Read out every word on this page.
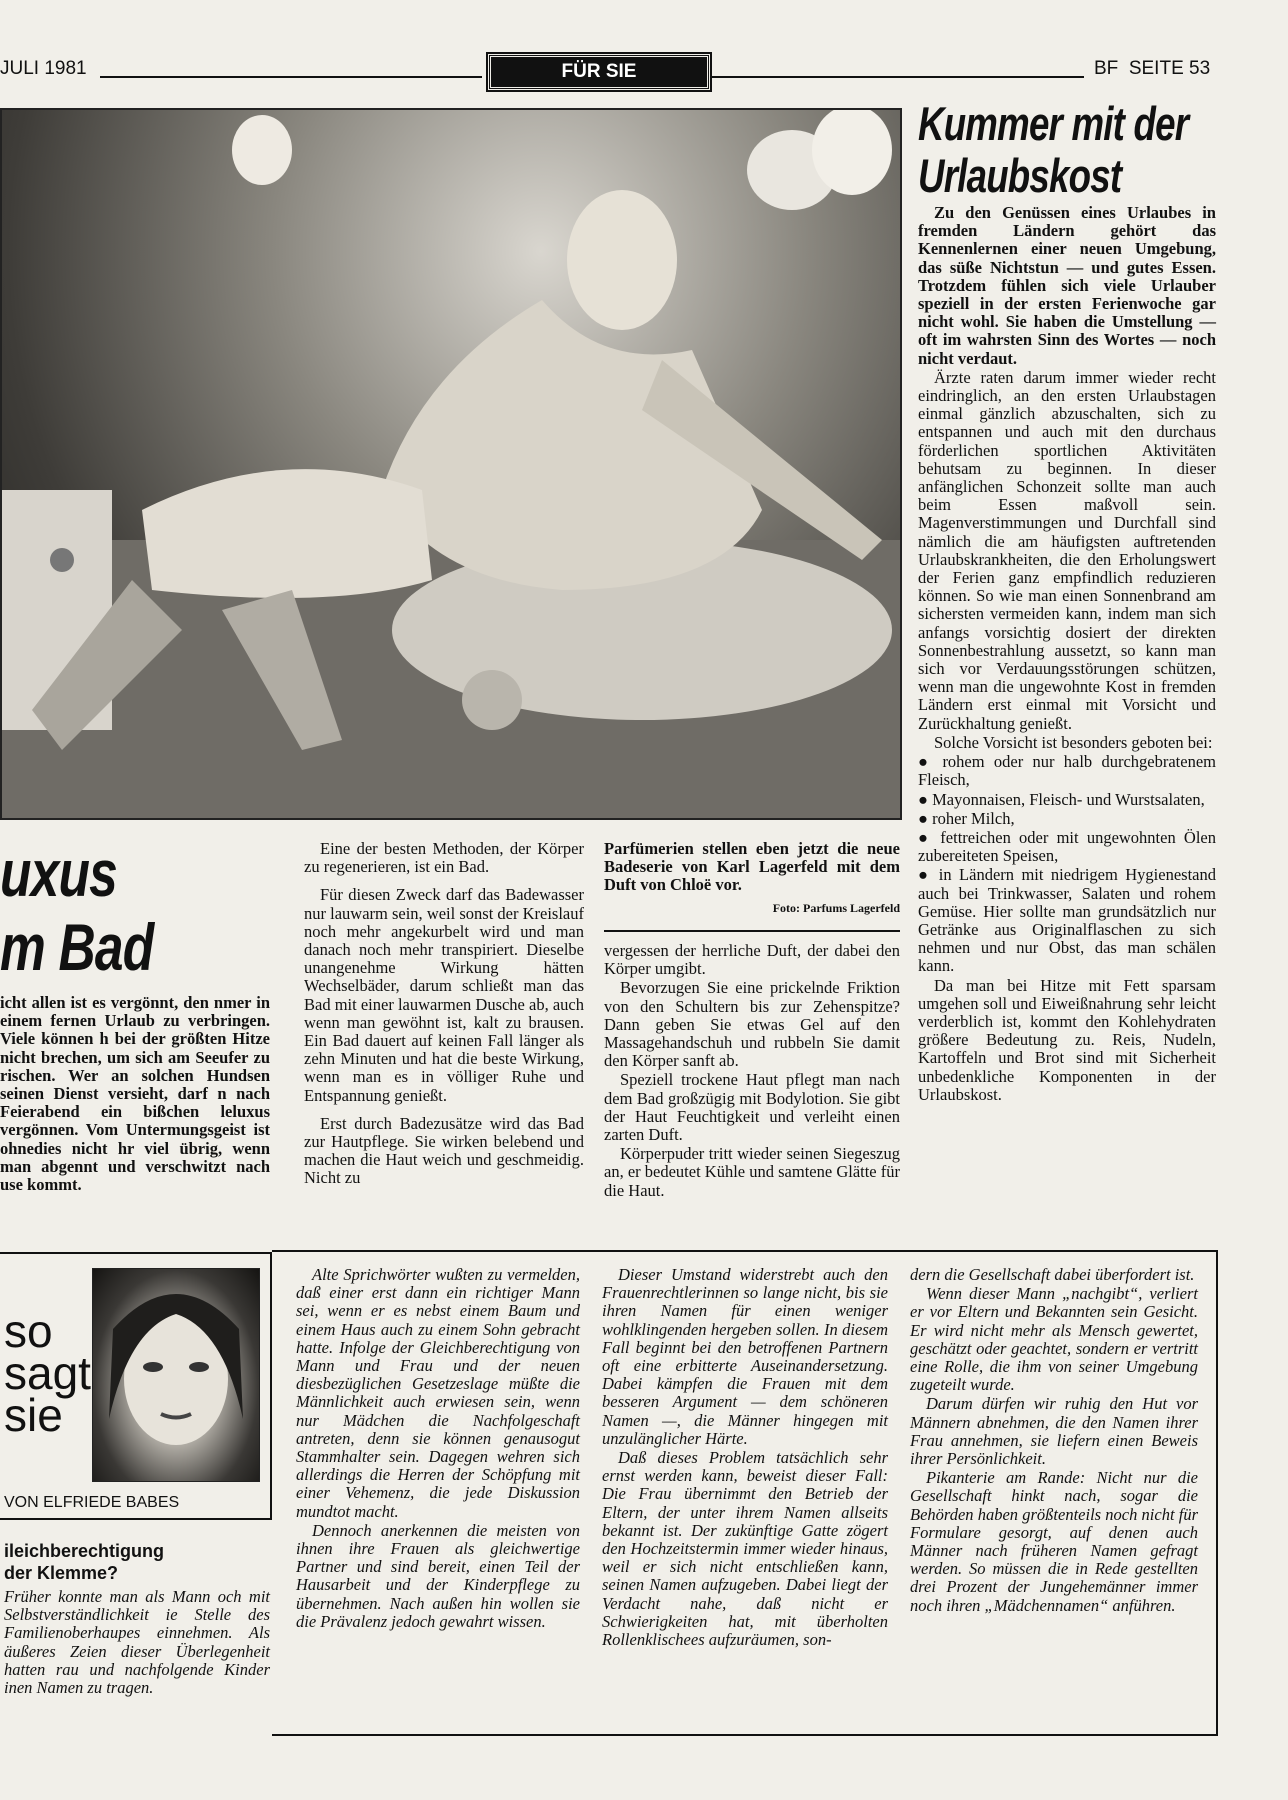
JULI 1981	FÜR SIE	BF  SEITE 53
Kummer mit der
Urlaubskost

Zu den Genüssen eines Urlaubes in fremden Ländern gehört das Kennenlernen einer neuen Umgebung, das süße Nichtstun — und gutes Essen. Trotzdem fühlen sich viele Urlauber speziell in der ersten Ferienwoche gar nicht wohl. Sie haben die Umstellung — oft im wahrsten Sinn des Wortes — noch nicht verdaut.

Ärzte raten darum immer wieder recht eindringlich, an den ersten Urlaubstagen einmal gänzlich abzuschalten, sich zu entspannen und auch mit den durchaus förderlichen sportlichen Aktivitäten behutsam zu beginnen. In dieser anfänglichen Schonzeit sollte man auch beim Essen maßvoll sein. Magenverstimmungen und Durchfall sind nämlich die am häufigsten auftretenden Urlaubskrankheiten, die den Erholungswert der Ferien ganz empfindlich reduzieren können. So wie man einen Sonnenbrand am sichersten vermeiden kann, indem man sich anfangs vorsichtig dosiert der direkten Sonnenbestrahlung aussetzt, so kann man sich vor Verdauungsstörungen schützen, wenn man die ungewohnte Kost in fremden Ländern erst einmal mit Vorsicht und Zurückhaltung genießt.

Solche Vorsicht ist besonders geboten bei:

● rohem oder nur halb durchgebratenem Fleisch,

● Mayonnaisen, Fleisch- und Wurstsalaten,

● roher Milch,

● fettreichen oder mit ungewohnten Ölen zubereiteten Speisen,

● in Ländern mit niedrigem Hygienestand auch bei Trinkwasser, Salaten und rohem Gemüse. Hier sollte man grundsätzlich nur Getränke aus Originalflaschen zu sich nehmen und nur Obst, das man schälen kann.

Da man bei Hitze mit Fett sparsam umgehen soll und Eiweißnahrung sehr leicht verderblich ist, kommt den Kohlehydraten größere Bedeutung zu. Reis, Nudeln, Kartoffeln und Brot sind mit Sicherheit unbedenkliche Komponenten in der Urlaubskost.

uxus
m Bad
icht allen ist es vergönnt, den nmer in einem fernen Urlaub zu verbringen. Viele können h bei der größten Hitze nicht brechen, um sich am Seeufer zu rischen. Wer an solchen Hundsen seinen Dienst versieht, darf n nach Feierabend ein bißchen leluxus vergönnen. Vom Untermungsgeist ist ohnedies nicht hr viel übrig, wenn man abgennt und verschwitzt nach use kommt.

Eine der besten Methoden, der Körper zu regenerieren, ist ein Bad.

Für diesen Zweck darf das Badewasser nur lauwarm sein, weil sonst der Kreislauf noch mehr angekurbelt wird und man danach noch mehr transpiriert. Dieselbe unangenehme Wirkung hätten Wechselbäder, darum schließt man das Bad mit einer lauwarmen Dusche ab, auch wenn man gewöhnt ist, kalt zu brausen. Ein Bad dauert auf keinen Fall länger als zehn Minuten und hat die beste Wirkung, wenn man es in völliger Ruhe und Entspannung genießt.

Erst durch Badezusätze wird das Bad zur Hautpflege. Sie wirken belebend und machen die Haut weich und geschmeidig. Nicht zu

Parfümerien stellen eben jetzt die neue Badeserie von Karl Lagerfeld mit dem Duft von Chloë vor.
Foto: Parfums Lagerfeld

vergessen der herrliche Duft, der dabei den Körper umgibt.

Bevorzugen Sie eine prickelnde Friktion von den Schultern bis zur Zehenspitze? Dann geben Sie etwas Gel auf den Massagehandschuh und rubbeln Sie damit den Körper sanft ab.

Speziell trockene Haut pflegt man nach dem Bad großzügig mit Bodylotion. Sie gibt der Haut Feuchtigkeit und verleiht einen zarten Duft.

Körperpuder tritt wieder seinen Siegeszug an, er bedeutet Kühle und samtene Glätte für die Haut.

so
sagt
sie
VON ELFRIEDE BABES
ileichberechtigung
der Klemme?
Früher konnte man als Mann och mit Selbstverständlichkeit ie Stelle des Familienoberhaupes einnehmen. Als äußeres Zeien dieser Überlegenheit hatten rau und nachfolgende Kinder inen Namen zu tragen.

Alte Sprichwörter wußten zu vermelden, daß einer erst dann ein richtiger Mann sei, wenn er es nebst einem Baum und einem Haus auch zu einem Sohn gebracht hatte. Infolge der Gleichberechtigung von Mann und Frau und der neuen diesbezüglichen Gesetzeslage müßte die Männlichkeit auch erwiesen sein, wenn nur Mädchen die Nachfolgeschaft antreten, denn sie können genausogut Stammhalter sein. Dagegen wehren sich allerdings die Herren der Schöpfung mit einer Vehemenz, die jede Diskussion mundtot macht.

Dennoch anerkennen die meisten von ihnen ihre Frauen als gleichwertige Partner und sind bereit, einen Teil der Hausarbeit und der Kinderpflege zu übernehmen. Nach außen hin wollen sie die Prävalenz jedoch gewahrt wissen.

Dieser Umstand widerstrebt auch den Frauenrechtlerinnen so lange nicht, bis sie ihren Namen für einen weniger wohlklingenden hergeben sollen. In diesem Fall beginnt bei den betroffenen Partnern oft eine erbitterte Auseinandersetzung. Dabei kämpfen die Frauen mit dem besseren Argument — dem schöneren Namen —, die Männer hingegen mit unzulänglicher Härte.

Daß dieses Problem tatsächlich sehr ernst werden kann, beweist dieser Fall: Die Frau übernimmt den Betrieb der Eltern, der unter ihrem Namen allseits bekannt ist. Der zukünftige Gatte zögert den Hochzeitstermin immer wieder hinaus, weil er sich nicht entschließen kann, seinen Namen aufzugeben. Dabei liegt der Verdacht nahe, daß nicht er Schwierigkeiten hat, mit überholten Rollenklischees aufzuräumen, son-

dern die Gesellschaft dabei überfordert ist.

Wenn dieser Mann „nachgibt“, verliert er vor Eltern und Bekannten sein Gesicht. Er wird nicht mehr als Mensch gewertet, geschätzt oder geachtet, sondern er vertritt eine Rolle, die ihm von seiner Umgebung zugeteilt wurde.

Darum dürfen wir ruhig den Hut vor Männern abnehmen, die den Namen ihrer Frau annehmen, sie liefern einen Beweis ihrer Persönlichkeit.

Pikanterie am Rande: Nicht nur die Gesellschaft hinkt nach, sogar die Behörden haben größtenteils noch nicht für Formulare gesorgt, auf denen auch Männer nach früheren Namen gefragt werden. So müssen die in Rede gestellten drei Prozent der Jungehemänner immer noch ihren „Mädchennamen“ anführen.
